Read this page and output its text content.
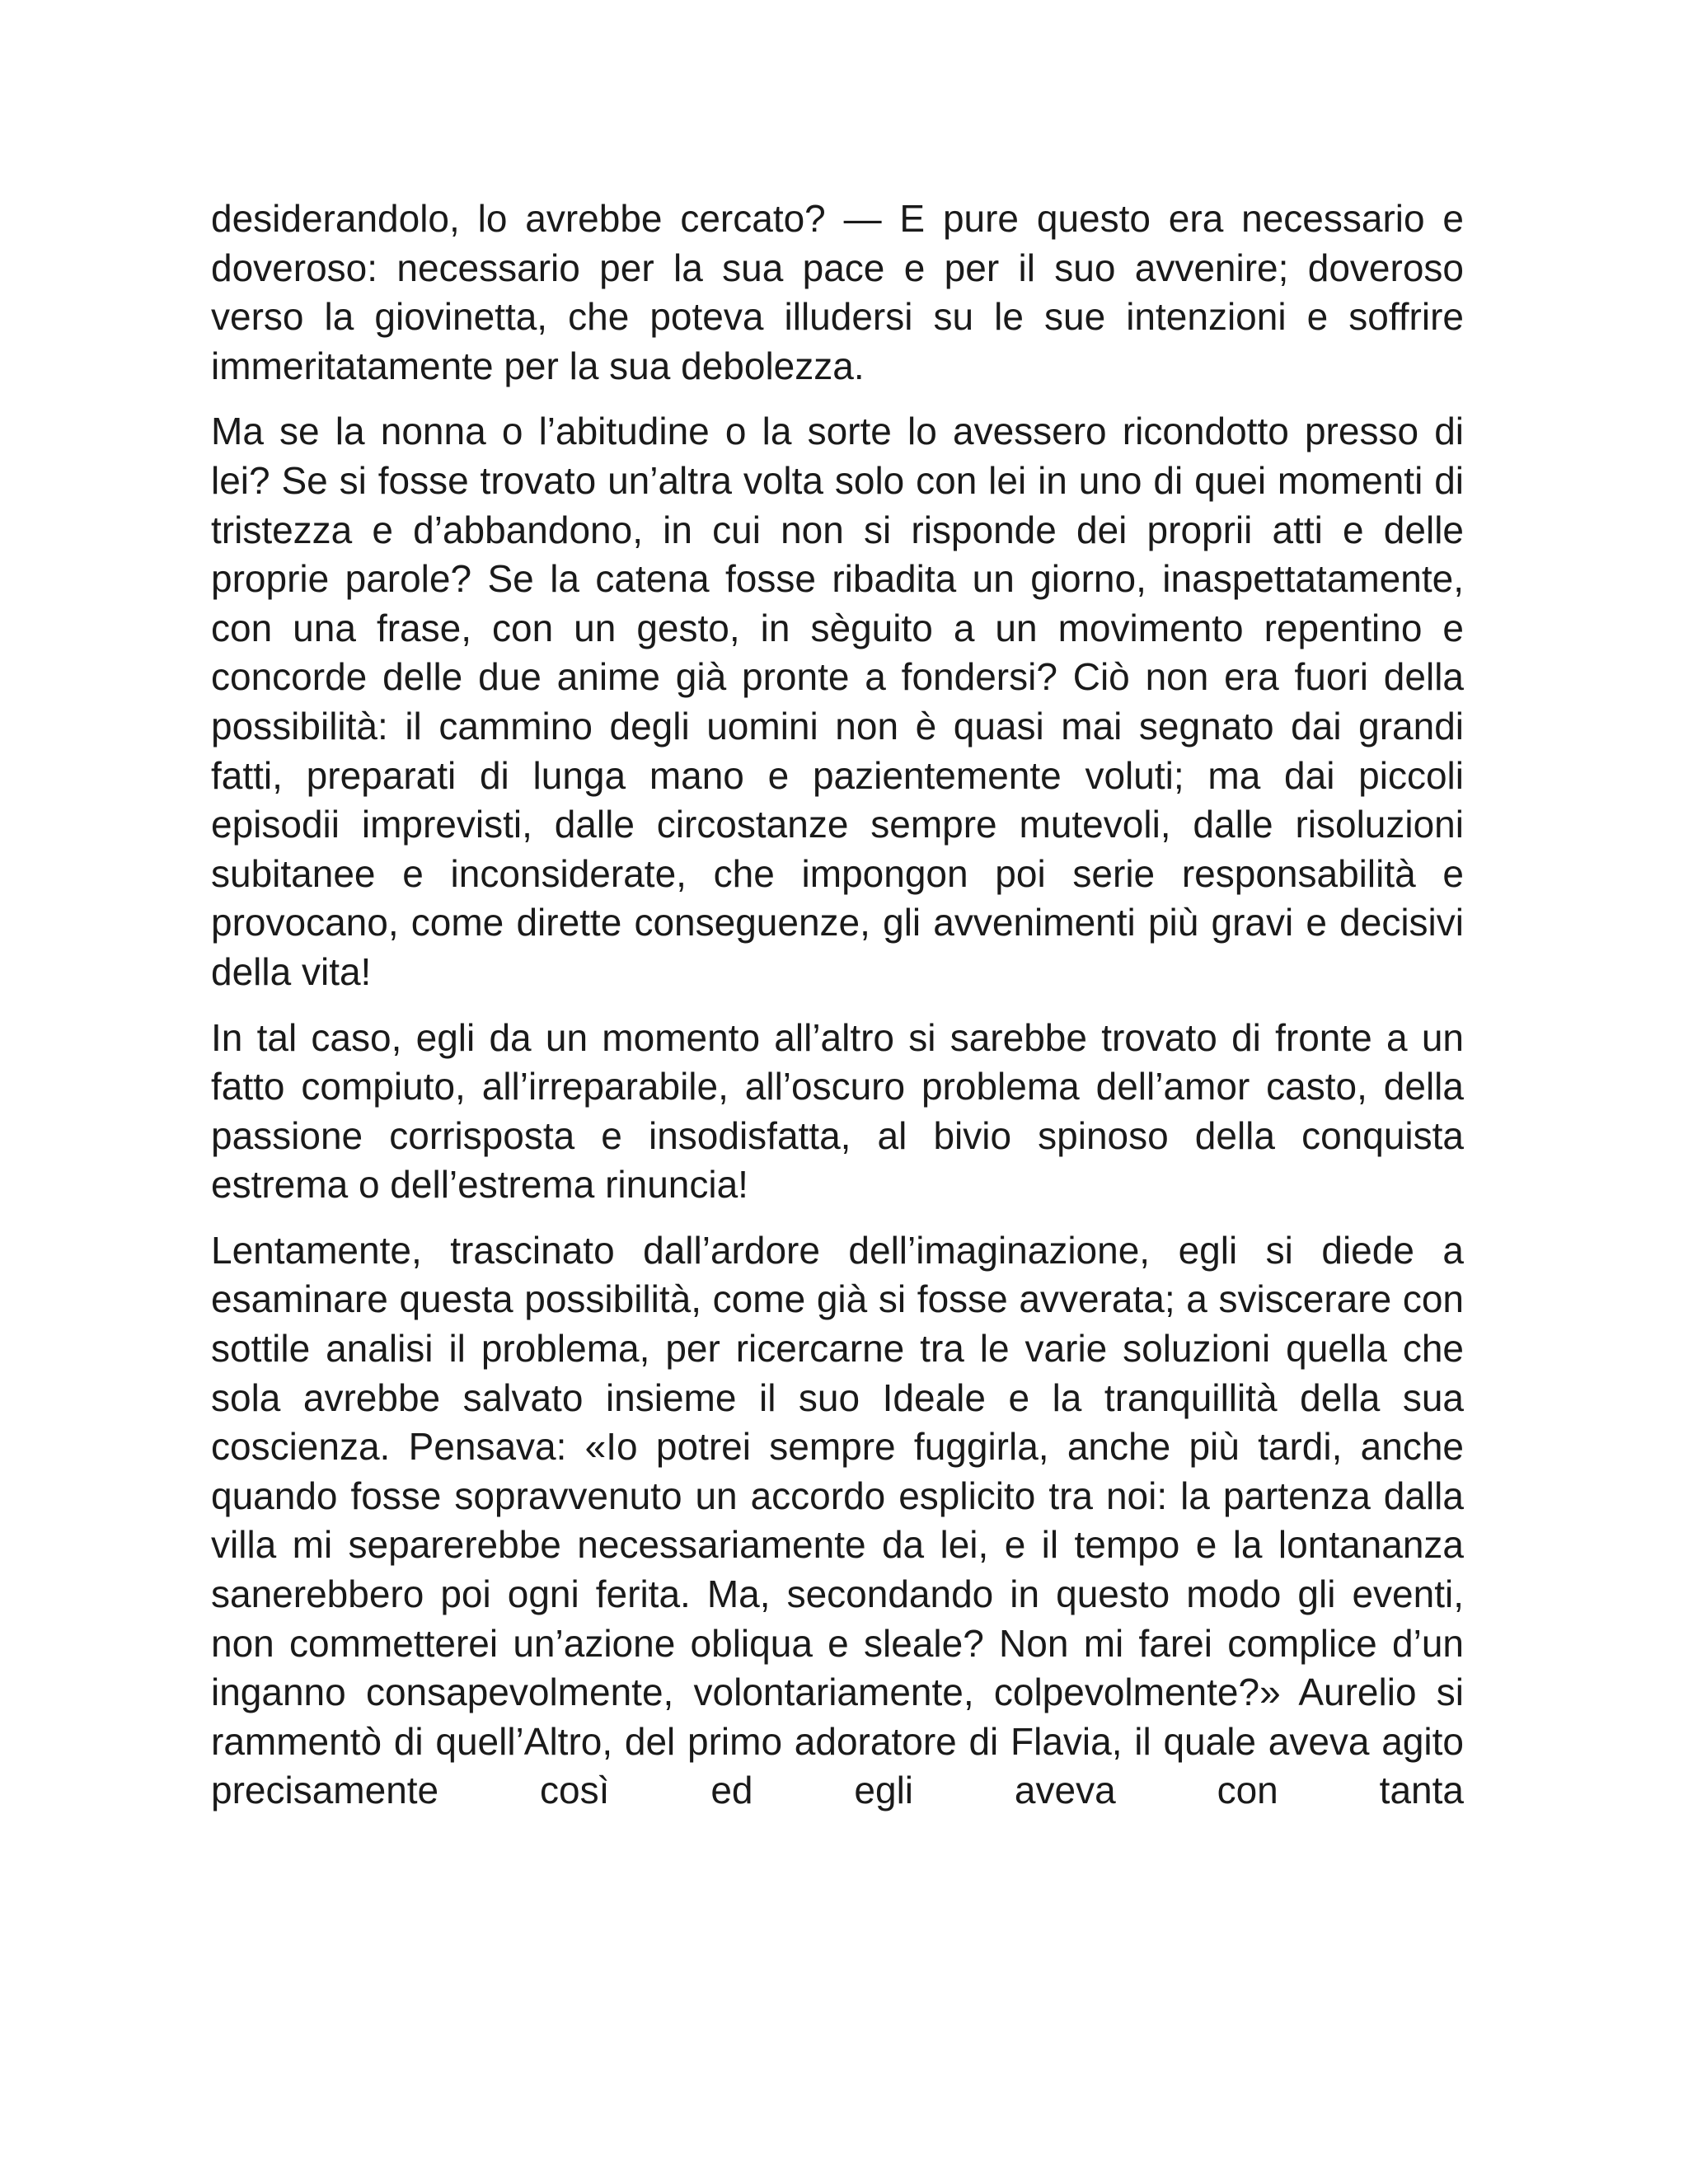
desiderandolo, lo avrebbe cercato? — E pure questo era necessario e doveroso: necessario per la sua pace e per il suo avvenire; doveroso verso la giovinetta, che poteva illudersi su le sue intenzioni e soffrire immeritatamente per la sua debolezza.

Ma se la nonna o l’abitudine o la sorte lo avessero ricondotto presso di lei? Se si fosse trovato un’altra volta solo con lei in uno di quei momenti di tristezza e d’abbandono, in cui non si risponde dei proprii atti e delle proprie parole? Se la catena fosse ribadita un giorno, inaspettatamente, con una frase, con un gesto, in sèguito a un movimento repentino e concorde delle due anime già pronte a fondersi? Ciò non era fuori della possibilità: il cammino degli uomini non è quasi mai segnato dai grandi fatti, preparati di lunga mano e pazientemente voluti; ma dai piccoli episodii imprevisti, dalle circostanze sempre mutevoli, dalle risoluzioni subitanee e inconsiderate, che impongon poi serie responsabilità e provocano, come dirette conseguenze, gli avvenimenti più gravi e decisivi della vita!

In tal caso, egli da un momento all’altro si sarebbe trovato di fronte a un fatto compiuto, all’irreparabile, all’oscuro problema dell’amor casto, della passione corrisposta e insodisfatta, al bivio spinoso della conquista estrema o dell’estrema rinuncia!

Lentamente, trascinato dall’ardore dell’imaginazione, egli si diede a esaminare questa possibilità, come già si fosse avverata; a sviscerare con sottile analisi il problema, per ricercarne tra le varie soluzioni quella che sola avrebbe salvato insieme il suo Ideale e la tranquillità della sua coscienza. Pensava: «Io potrei sempre fuggirla, anche più tardi, anche quando fosse sopravvenuto un accordo esplicito tra noi: la partenza dalla villa mi separerebbe necessariamente da lei, e il tempo e la lontananza sanerebbero poi ogni ferita. Ma, secondando in questo modo gli eventi, non commetterei un’azione obliqua e sleale? Non mi farei complice d’un inganno consapevolmente, volontariamente, colpevolmente?» Aurelio si rammentò di quell’Altro, del primo adoratore di Flavia, il quale aveva agito precisamente così ed egli aveva con tanta
